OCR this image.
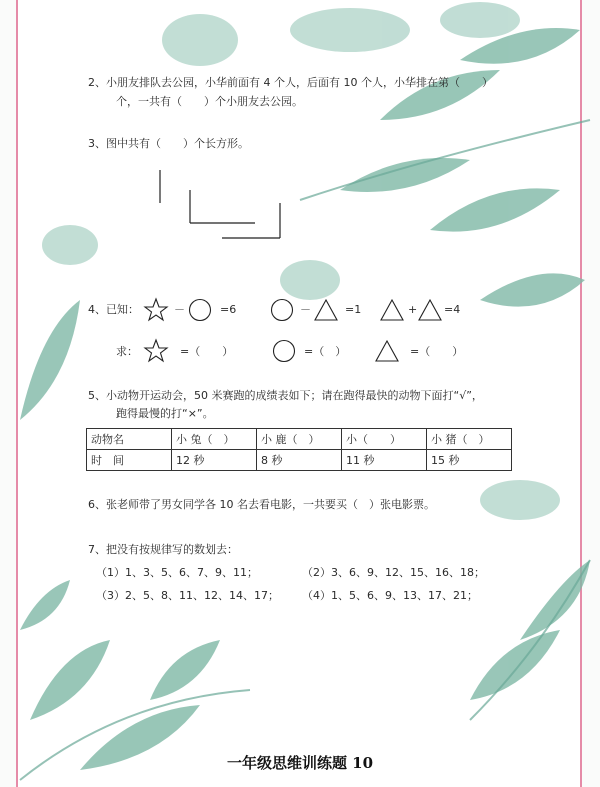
2、小朋友排队去公园，小华前面有 4 个人，后面有 10 个人，小华排在第（　　）
个，一共有（　　）个小朋友去公园。
3、图中共有（　　）个长方形。
4、已知：	－	=6	－	=1	+ =4
求：	=（　　）	=（　）	=（　　）
5、小动物开运动会，50 米赛跑的成绩表如下；请在跑得最快的动物下面打“√”，
跑得最慢的打“×”。
动物名	小 兔（　）	小 鹿（　）	小（　　）	小 猪（　）
时　间	12 秒	8 秒	11 秒	15 秒
6、张老师带了男女同学各 10 名去看电影，一共要买（　）张电影票。
7、把没有按规律写的数划去：
（1）1、3、5、6、7、9、11；	（2）3、6、9、12、15、16、18；
（3）2、5、8、11、12、14、17； （4）1、5、6、9、13、17、21；
一年级思维训练题 10
